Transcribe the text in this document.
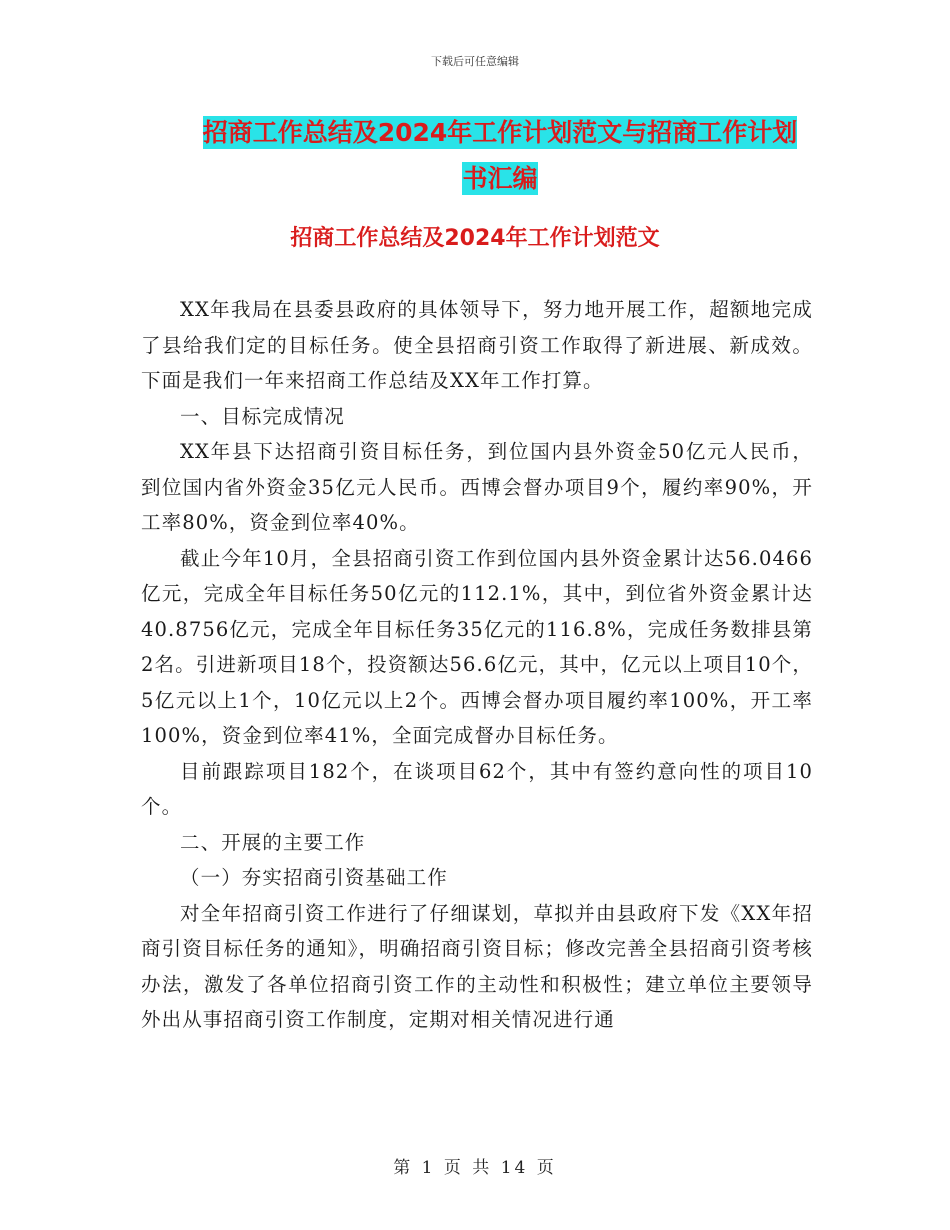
下载后可任意编辑
招商工作总结及2024年工作计划范文与招商工作计划
书汇编
招商工作总结及2024年工作计划范文

XX年我局在县委县政府的具体领导下，努力地开展工作，超额地完成了县给我们定的目标任务。使全县招商引资工作取得了新进展、新成效。下面是我们一年来招商工作总结及XX年工作打算。

一、目标完成情况

XX年县下达招商引资目标任务，到位国内县外资金50亿元人民币，到位国内省外资金35亿元人民币。西博会督办项目9个，履约率90%，开工率80%，资金到位率40%。

截止今年10月，全县招商引资工作到位国内县外资金累计达56.0466亿元，完成全年目标任务50亿元的112.1%，其中，到位省外资金累计达40.8756亿元，完成全年目标任务35亿元的116.8%，完成任务数排县第2名。引进新项目18个，投资额达56.6亿元，其中，亿元以上项目10个，5亿元以上1个，10亿元以上2个。西博会督办项目履约率100%，开工率100%，资金到位率41%，全面完成督办目标任务。

目前跟踪项目182个，在谈项目62个，其中有签约意向性的项目10个。

二、开展的主要工作

（一）夯实招商引资基础工作

对全年招商引资工作进行了仔细谋划，草拟并由县政府下发《XX年招商引资目标任务的通知》，明确招商引资目标；修改完善全县招商引资考核办法，激发了各单位招商引资工作的主动性和积极性；建立单位主要领导外出从事招商引资工作制度，定期对相关情况进行通

第 1 页 共 14 页
